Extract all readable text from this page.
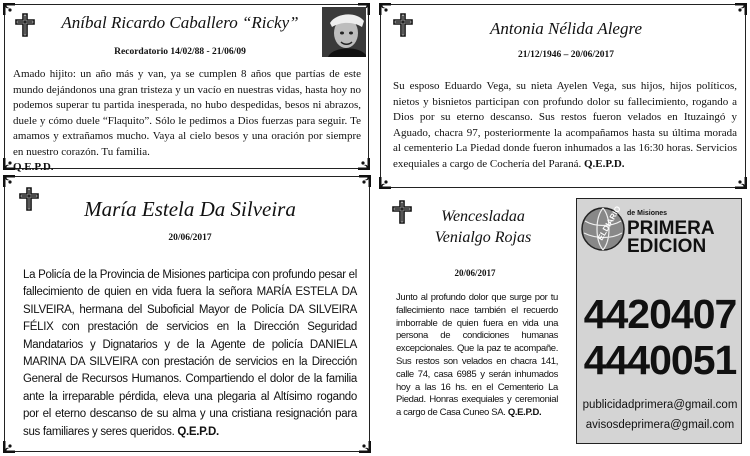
Aníbal Ricardo Caballero “Ricky”
Recordatorio 14/02/88 - 21/06/09
Amado hijito: un año más y van, ya se cumplen 8 años que partías de este mundo dejándonos una gran tristeza y un vacío en nuestras vidas, hasta hoy no podemos superar tu partida inesperada, no hubo despedidas, besos ni abrazos, duele y cómo duele “Flaquito”. Sólo le pedimos a Dios fuerzas para seguir. Te amamos y extrañamos mucho. Vaya al cielo besos y una oración por siempre en nuestro corazón. Tu familia.
Q.E.P.D.
Antonia Nélida Alegre
21/12/1946 – 20/06/2017
Su esposo Eduardo Vega, su nieta Ayelen Vega, sus hijos, hijos políticos, nietos y bisnietos participan con profundo dolor su fallecimiento, rogando a Dios por su eterno descanso. Sus restos fueron velados en Ituzaingó y Aguado, chacra 97, posteriormente la acompañamos hasta su última morada al cementerio La Piedad donde fueron inhumados a las 16:30 horas. Servicios exequiales a cargo de Cochería del Paraná. Q.E.P.D.
María Estela Da Silveira
20/06/2017
La Policía de la Provincia de Misiones participa con profundo pesar el fallecimiento de quien en vida fuera la señora MARÍA ESTELA DA SILVEIRA, hermana del Suboficial Mayor de Policía DA SILVEIRA FÉLIX con prestación de servicios en la Dirección Seguridad Mandatarios y Dignatarios y de la Agente de policía DANIELA MARINA DA SILVEIRA con prestación de servicios en la Dirección General de Recursos Humanos. Compartiendo el dolor de la familia ante la irreparable pérdida, eleva una plegaria al Altísimo rogando por el eterno descanso de su alma y una cristiana resignación para sus familiares y seres queridos. Q.E.P.D.
Wencesladaa
Venialgo Rojas
20/06/2017
Junto al profundo dolor que surge por tu fallecimiento nace también el recuerdo imborrable de quien fuera en vida una persona de condiciones humanas excepcionales. Que la paz te acompañe. Sus restos son velados en chacra 141, calle 74, casa 6985 y serán inhumados hoy a las 16 hs. en el Cementerio La Piedad. Honras exequiales y ceremonial a cargo de Casa Cuneo SA. Q.E.P.D.
ELDIARIO de Misiones
PRIMERA
EDICION
4420407
4440051
publicidadprimera@gmail.com
avisosdeprimera@gmail.com
